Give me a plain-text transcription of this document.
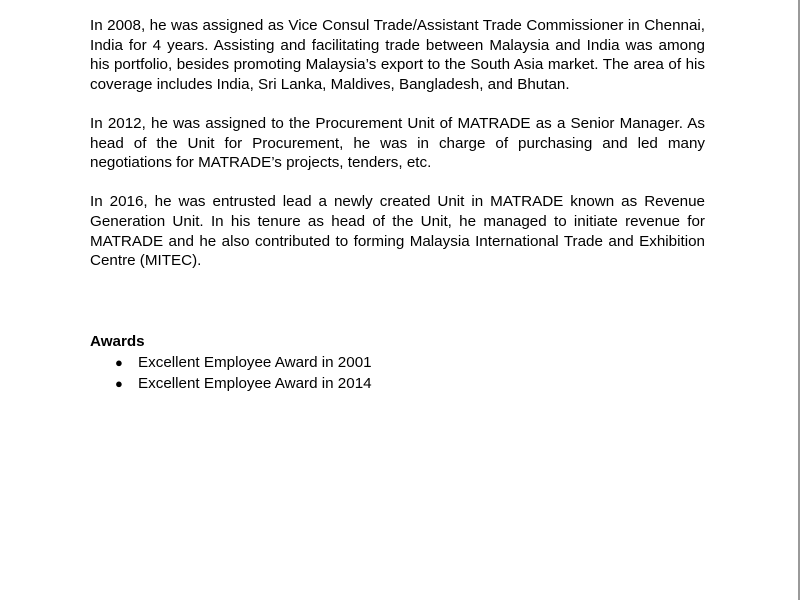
In 2008, he was assigned as Vice Consul Trade/Assistant Trade Commissioner in Chennai, India for 4 years. Assisting and facilitating trade between Malaysia and India was among his portfolio, besides promoting Malaysia’s export to the South Asia market. The area of his coverage includes India, Sri Lanka, Maldives, Bangladesh, and Bhutan.

In 2012, he was assigned to the Procurement Unit of MATRADE as a Senior Manager. As head of the Unit for Procurement, he was in charge of purchasing and led many negotiations for MATRADE’s projects, tenders, etc.

In 2016, he was entrusted lead a newly created Unit in MATRADE known as Revenue Generation Unit. In his tenure as head of the Unit, he managed to initiate revenue for MATRADE and he also contributed to forming Malaysia International Trade and Exhibition Centre (MITEC).

Awards

● Excellent Employee Award in 2001
● Excellent Employee Award in 2014
